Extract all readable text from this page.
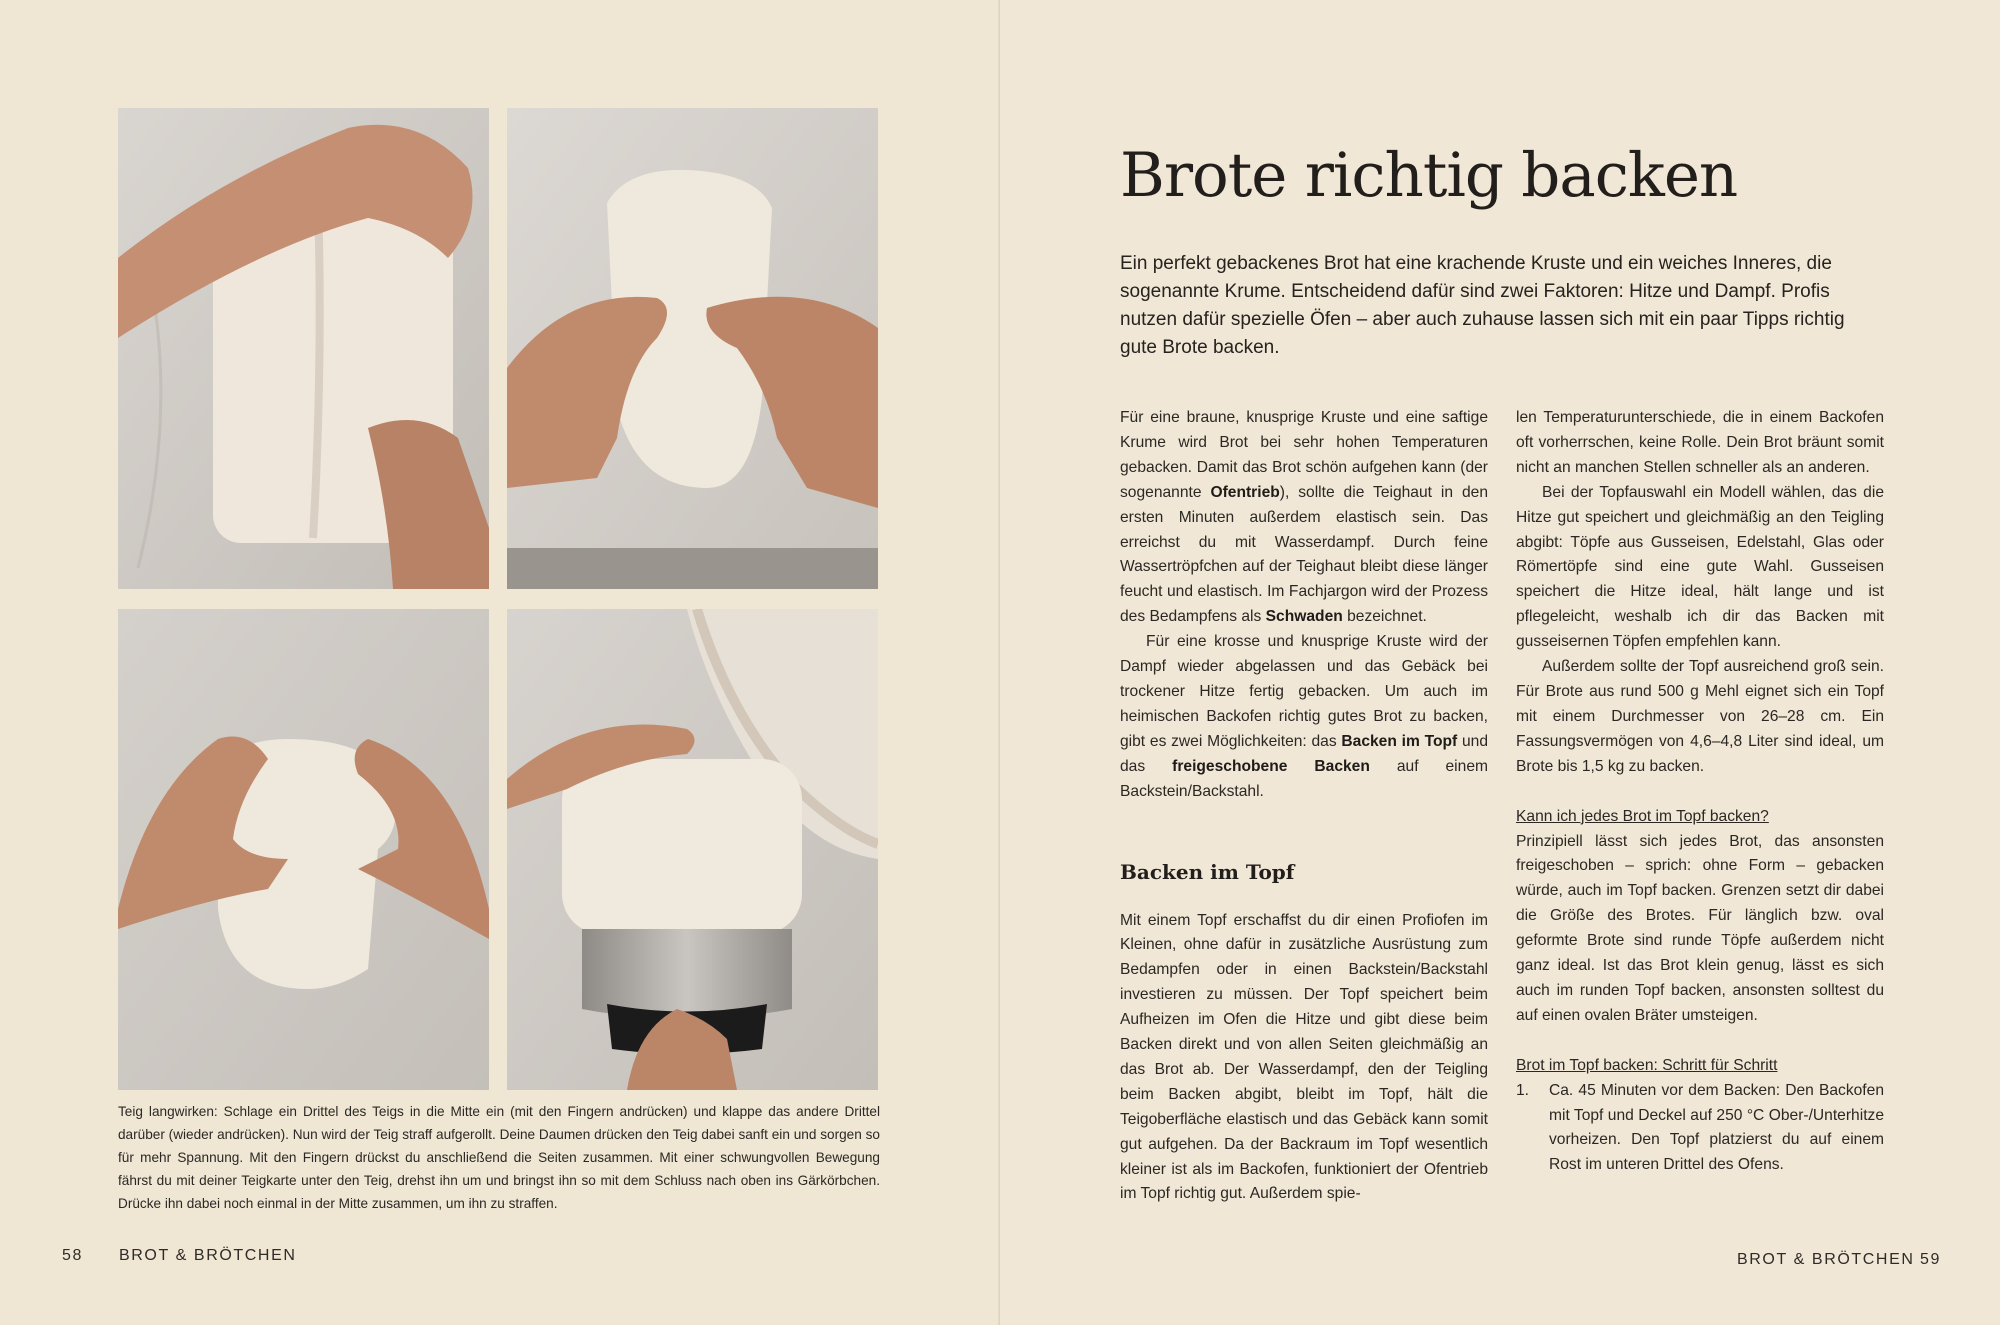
Teig langwirken: Schlage ein Drittel des Teigs in die Mitte ein (mit den Fingern andrücken) und klappe das andere Drittel darüber (wieder andrücken). Nun wird der Teig straff aufgerollt. Deine Daumen drücken den Teig dabei sanft ein und sorgen so für mehr Spannung. Mit den Fingern drückst du anschließend die Seiten zusammen. Mit einer schwungvollen Bewegung fährst du mit deiner Teigkarte unter den Teig, drehst ihn um und bringst ihn so mit dem Schluss nach oben ins Gärkörbchen. Drücke ihn dabei noch einmal in der Mitte zusammen, um ihn zu straffen.

58 BROT & BRÖTCHEN
Brote richtig backen

Ein perfekt gebackenes Brot hat eine krachende Kruste und ein weiches Inneres, die sogenannte Krume. Entscheidend dafür sind zwei Faktoren: Hitze und Dampf. Profis nutzen dafür spezielle Öfen – aber auch zuhause lassen sich mit ein paar Tipps richtig gute Brote backen.

Für eine braune, knusprige Kruste und eine saftige Krume wird Brot bei sehr hohen Temperaturen gebacken. Damit das Brot schön aufgehen kann (der sogenannte Ofentrieb), sollte die Teighaut in den ersten Minuten außerdem elastisch sein. Das erreichst du mit Wasserdampf. Durch feine Wassertröpfchen auf der Teighaut bleibt diese länger feucht und elastisch. Im Fachjargon wird der Prozess des Bedampfens als Schwaden bezeichnet.

Für eine krosse und knusprige Kruste wird der Dampf wieder abgelassen und das Gebäck bei trockener Hitze fertig gebacken. Um auch im heimischen Backofen richtig gutes Brot zu backen, gibt es zwei Möglichkeiten: das Backen im Topf und das freigeschobene Backen auf einem Backstein/Backstahl.

Backen im Topf

Mit einem Topf erschaffst du dir einen Profiofen im Kleinen, ohne dafür in zusätzliche Ausrüstung zum Bedampfen oder in einen Backstein/Backstahl investieren zu müssen. Der Topf speichert beim Aufheizen im Ofen die Hitze und gibt diese beim Backen direkt und von allen Seiten gleichmäßig an das Brot ab. Der Wasserdampf, den der Teigling beim Backen abgibt, bleibt im Topf, hält die Teigoberfläche elastisch und das Gebäck kann somit gut aufgehen. Da der Backraum im Topf wesentlich kleiner ist als im Backofen, funktioniert der Ofentrieb im Topf richtig gut. Außerdem spie-

len Temperaturunterschiede, die in einem Backofen oft vorherrschen, keine Rolle. Dein Brot bräunt somit nicht an manchen Stellen schneller als an anderen.

Bei der Topfauswahl ein Modell wählen, das die Hitze gut speichert und gleichmäßig an den Teigling abgibt: Töpfe aus Gusseisen, Edelstahl, Glas oder Römertöpfe sind eine gute Wahl. Gusseisen speichert die Hitze ideal, hält lange und ist pflegeleicht, weshalb ich dir das Backen mit gusseisernen Töpfen empfehlen kann.

Außerdem sollte der Topf ausreichend groß sein. Für Brote aus rund 500 g Mehl eignet sich ein Topf mit einem Durchmesser von 26–28 cm. Ein Fassungsvermögen von 4,6–4,8 Liter sind ideal, um Brote bis 1,5 kg zu backen.

Kann ich jedes Brot im Topf backen?

Prinzipiell lässt sich jedes Brot, das ansonsten freigeschoben – sprich: ohne Form – gebacken würde, auch im Topf backen. Grenzen setzt dir dabei die Größe des Brotes. Für länglich bzw. oval geformte Brote sind runde Töpfe außerdem nicht ganz ideal. Ist das Brot klein genug, lässt es sich auch im runden Topf backen, ansonsten solltest du auf einen ovalen Bräter umsteigen.

Brot im Topf backen: Schritt für Schritt
1.	Ca. 45 Minuten vor dem Backen: Den Backofen mit Topf und Deckel auf 250 °C Ober-/Unterhitze vorheizen. Den Topf platzierst du auf einem Rost im unteren Drittel des Ofens.
BROT & BRÖTCHEN 59
